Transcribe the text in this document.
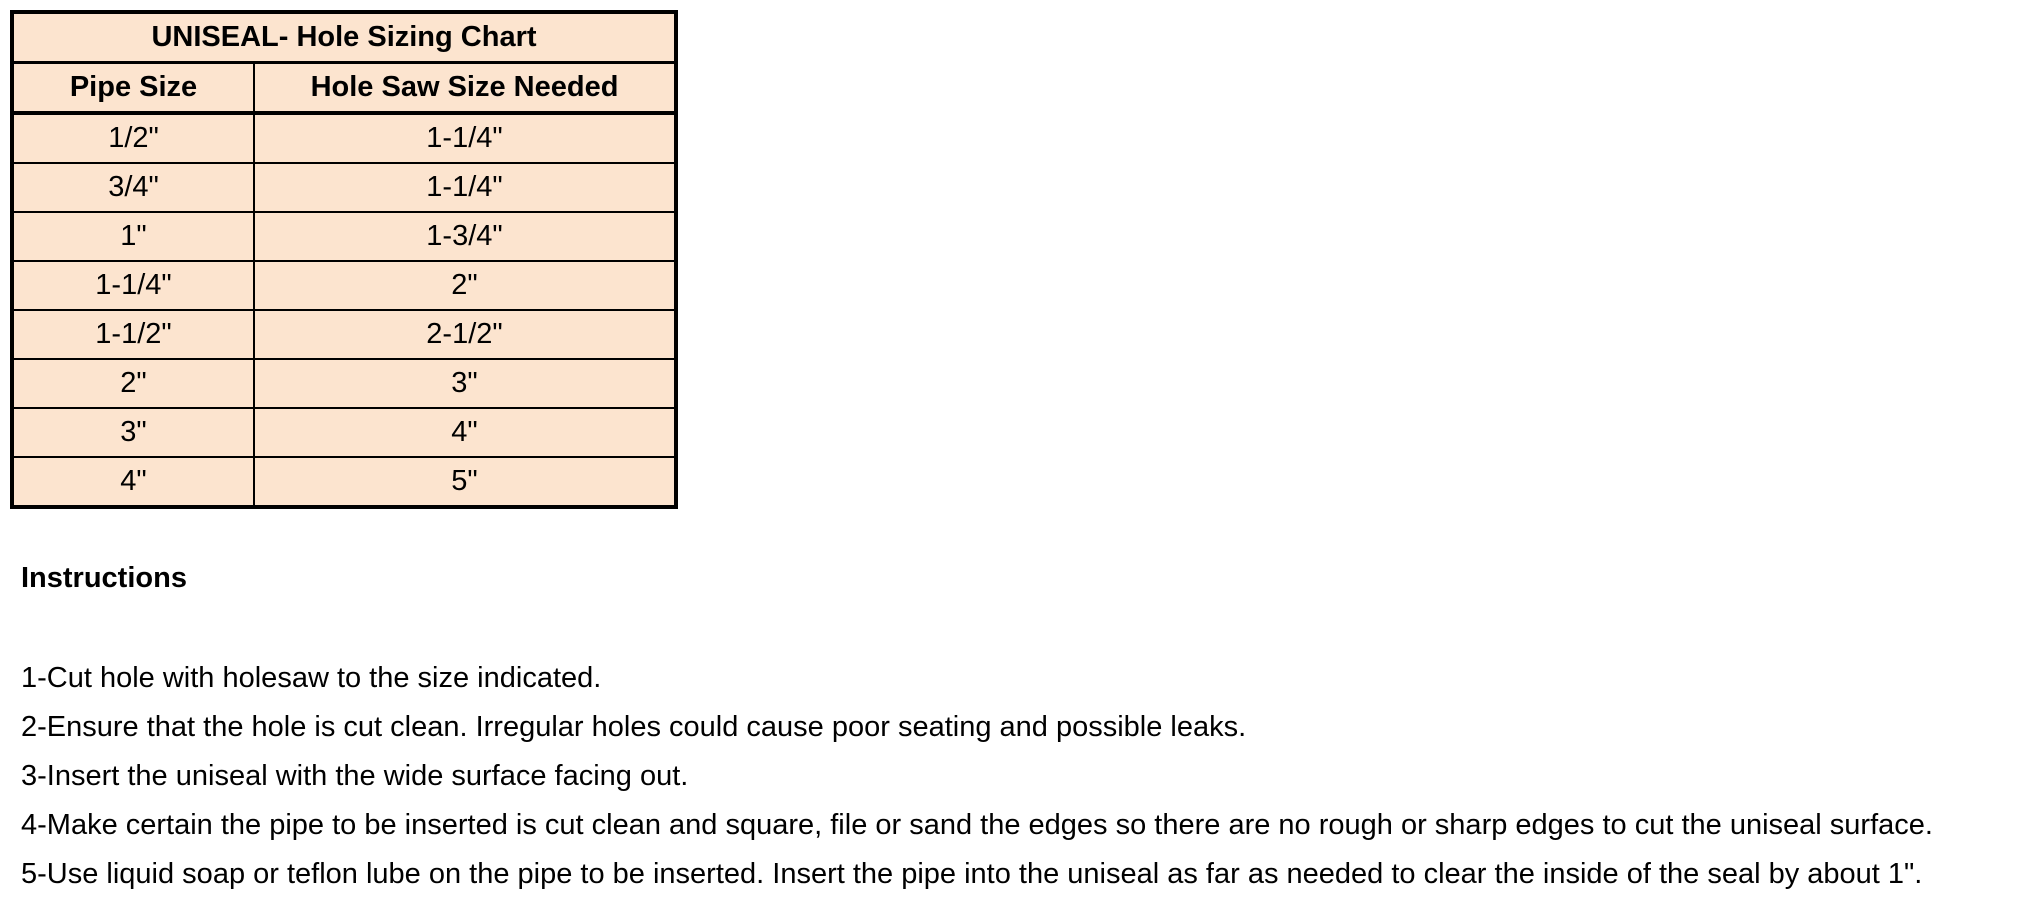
UNISEAL- Hole Sizing Chart	
Pipe Size	Hole Saw Size Needed
1/2"	1-1/4"
3/4"	1-1/4"
1"	1-3/4"
1-1/4"	2"
1-1/2"	2-1/2"
2"	3"
3"	4"
4"	5"
Instructions
1-Cut hole with holesaw to the size indicated.
2-Ensure that the hole is cut clean. Irregular holes could cause poor seating and possible leaks.
3-Insert the uniseal with the wide surface facing out.
4-Make certain the pipe to be inserted is cut clean and square, file or sand the edges so there are no rough or sharp edges to cut the uniseal surface.
5-Use liquid soap or teflon lube on the pipe to be inserted. Insert the pipe into the uniseal as far as needed to clear the inside of the seal by about 1".
